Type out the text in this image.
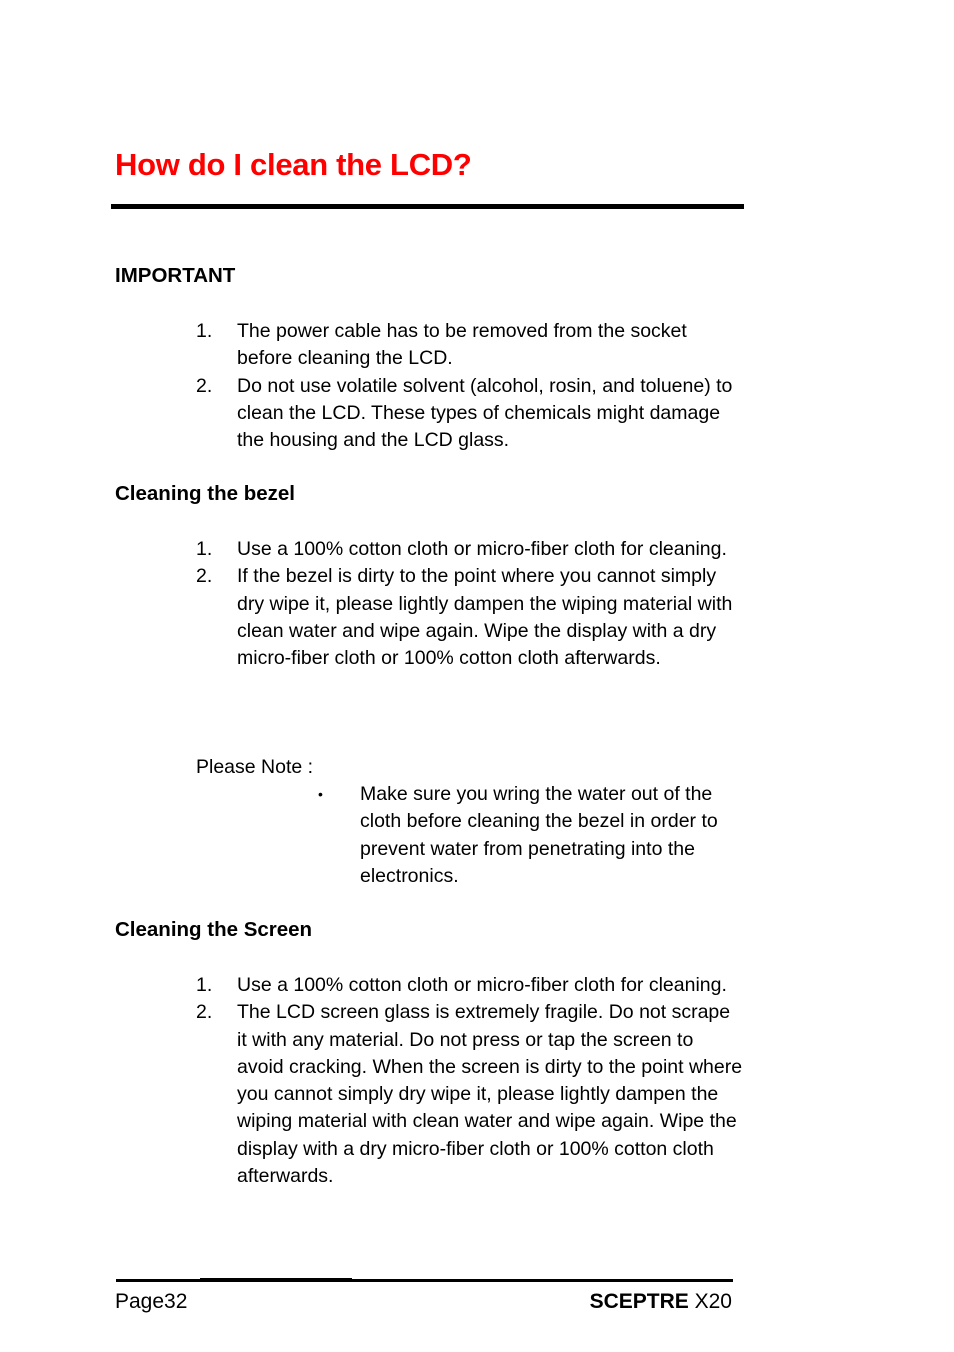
How do I clean the LCD?
IMPORTANT
1. The power cable has to be removed from the socket before cleaning the LCD.
2. Do not use volatile solvent (alcohol, rosin, and toluene) to clean the LCD. These types of chemicals might damage the housing and the LCD glass.
Cleaning the bezel
1. Use a 100% cotton cloth or micro-fiber cloth for cleaning.
2. If the bezel is dirty to the point where you cannot simply dry wipe it, please lightly dampen the wiping material with clean water and wipe again. Wipe the display with a dry micro-fiber cloth or 100% cotton cloth afterwards.
Please Note :
• Make sure you wring the water out of the cloth before cleaning the bezel in order to prevent water from penetrating into the electronics.
Cleaning the Screen
1. Use a 100% cotton cloth or micro-fiber cloth for cleaning.
2. The LCD screen glass is extremely fragile. Do not scrape it with any material. Do not press or tap the screen to avoid cracking. When the screen is dirty to the point where you cannot simply dry wipe it, please lightly dampen the wiping material with clean water and wipe again. Wipe the display with a dry micro-fiber cloth or 100% cotton cloth afterwards.
Page32	SCEPTRE X20
